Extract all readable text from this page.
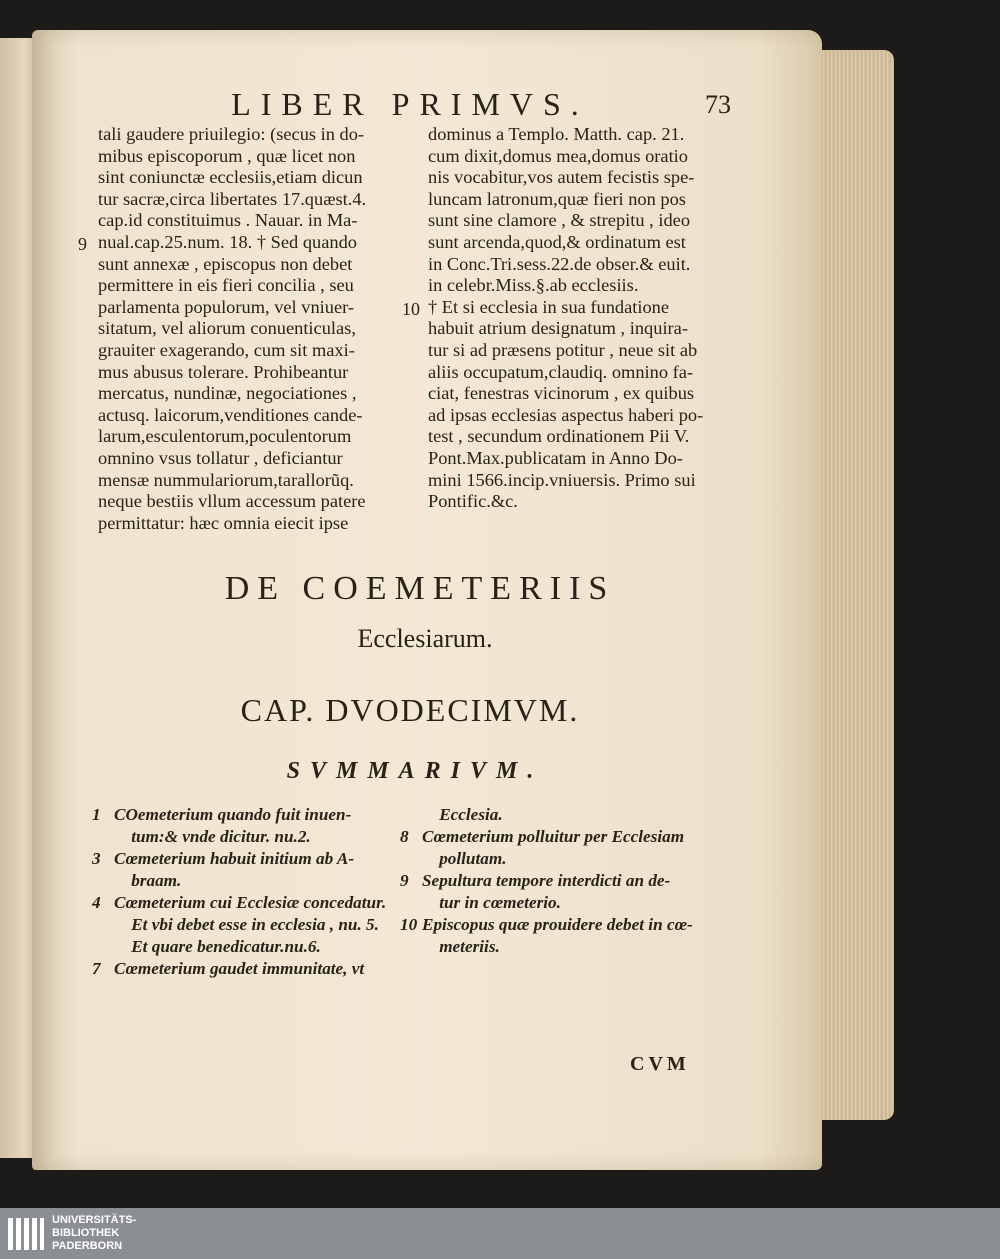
LIBER PRIMVS.	73
tali gaudere priuilegio: (secus in do-
mibus episcoporum , quæ licet non
sint coniunctæ ecclesiis,etiam dicun
tur sacræ,circa libertates 17.quæst.4.
cap.id constituimus . Nauar. in Ma-
nual.cap.25.num. 18. † Sed quando
sunt annexæ , episcopus non debet
permittere in eis fieri concilia , seu
parlamenta populorum, vel vniuer-
sitatum, vel aliorum conuenticulas,
grauiter exagerando, cum sit maxi-
mus abusus tolerare. Prohibeantur
mercatus, nundinæ, negociationes ,
actusq. laicorum,venditiones cande-
larum,esculentorum,poculentorum
omnino vsus tollatur , deficiantur
mensæ nummulariorum,tarallorũq.
neque bestiis vllum accessum patere
permittatur: hæc omnia eiecit ipse
dominus a Templo. Matth. cap. 21.
cum dixit,domus mea,domus oratio
nis vocabitur,vos autem fecistis spe-
luncam latronum,quæ fieri non pos
sunt sine clamore , & strepitu , ideo
sunt arcenda,quod,& ordinatum est
in Conc.Tri.sess.22.de obser.& euit.
in celebr.Miss.§.ab ecclesiis.
† Et si ecclesia in sua fundatione
habuit atrium designatum , inquira-
tur si ad præsens potitur , neue sit ab
aliis occupatum,claudiq. omnino fa-
ciat, fenestras vicinorum , ex quibus
ad ipsas ecclesias aspectus haberi po-
test , secundum ordinationem Pii V.
Pont.Max.publicatam in Anno Do-
mini 1566.incip.vniuersis. Primo sui
Pontific.&c.
9
10
DE COEMETERIIS
Ecclesiarum.
CAP. DVODECIMVM.
SVMMARIVM.
1 COemeterium quando fuit inuen-
tum:& vnde dicitur. nu.2.
3 Cœmeterium habuit initium ab A-
braam.
4 Cœmeterium cui Ecclesiæ concedatur.
Et vbi debet esse in ecclesia , nu. 5.
Et quare benedicatur.nu.6.
7 Cœmeterium gaudet immunitate, vt
Ecclesia.
8 Cœmeterium polluitur per Ecclesiam
pollutam.
9 Sepultura tempore interdicti an de-
tur in cœmeterio.
10 Episcopus quæ prouidere debet in cœ-
meteriis.
CVM
UNIVERSITÄTS-
BIBLIOTHEK
PADERBORN
